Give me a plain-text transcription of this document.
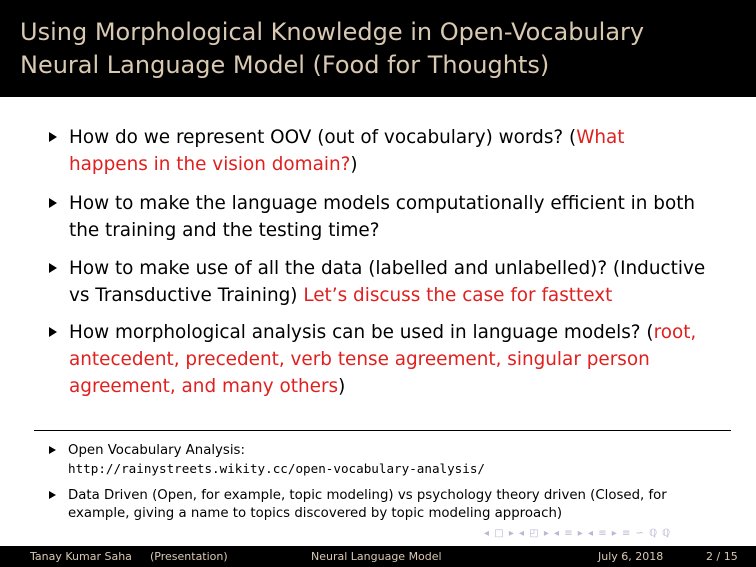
Using Morphological Knowledge in Open-Vocabulary
Neural Language Model (Food for Thoughts)
How do we represent OOV (out of vocabulary) words? (What
happens in the vision domain?)
How to make the language models computationally efficient in both
the training and the testing time?
How to make use of all the data (labelled and unlabelled)? (Inductive
vs Transductive Training) Let’s discuss the case for fasttext
How morphological analysis can be used in language models? (root,
antecedent, precedent, verb tense agreement, singular person
agreement, and many others)
Open Vocabulary Analysis:
http://rainystreets.wikity.cc/open-vocabulary-analysis/
Data Driven (Open, for example, topic modeling) vs psychology theory driven (Closed, for
example, giving a name to topics discovered by topic modeling approach)
◂ □ ▸ ◂ ◰ ▸ ◂ ≡ ▸ ◂ ≡ ▸ ≡ ∽ ℚ ℚ
Tanay Kumar Saha (Presentation)	Neural Language Model	July 6, 2018	2 / 15
